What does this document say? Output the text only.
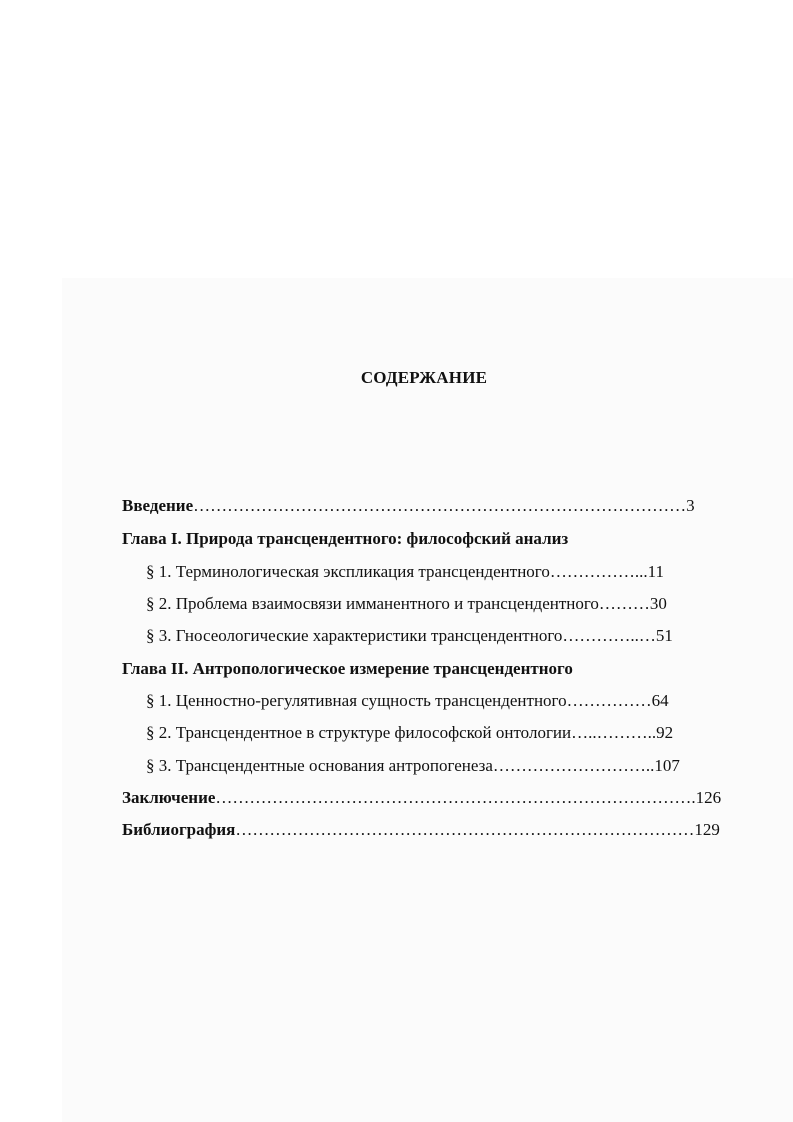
СОДЕРЖАНИЕ
Введение……………………………………………………………………………3
Глава I. Природа трансцендентного: философский анализ
§ 1. Терминологическая экспликация трансцендентного……………...11
§ 2. Проблема взаимосвязи имманентного и трансцендентного………30
§ 3. Гносеологические характеристики трансцендентного…………..…51
Глава II. Антропологическое измерение трансцендентного
§ 1. Ценностно-регулятивная сущность трансцендентного……………64
§ 2. Трансцендентное в структуре философской онтологии…..………..92
§ 3. Трансцендентные основания антропогенеза………………………..107
Заключение………………………………………………………………………….126
Библиография………………………………………………………………………129
